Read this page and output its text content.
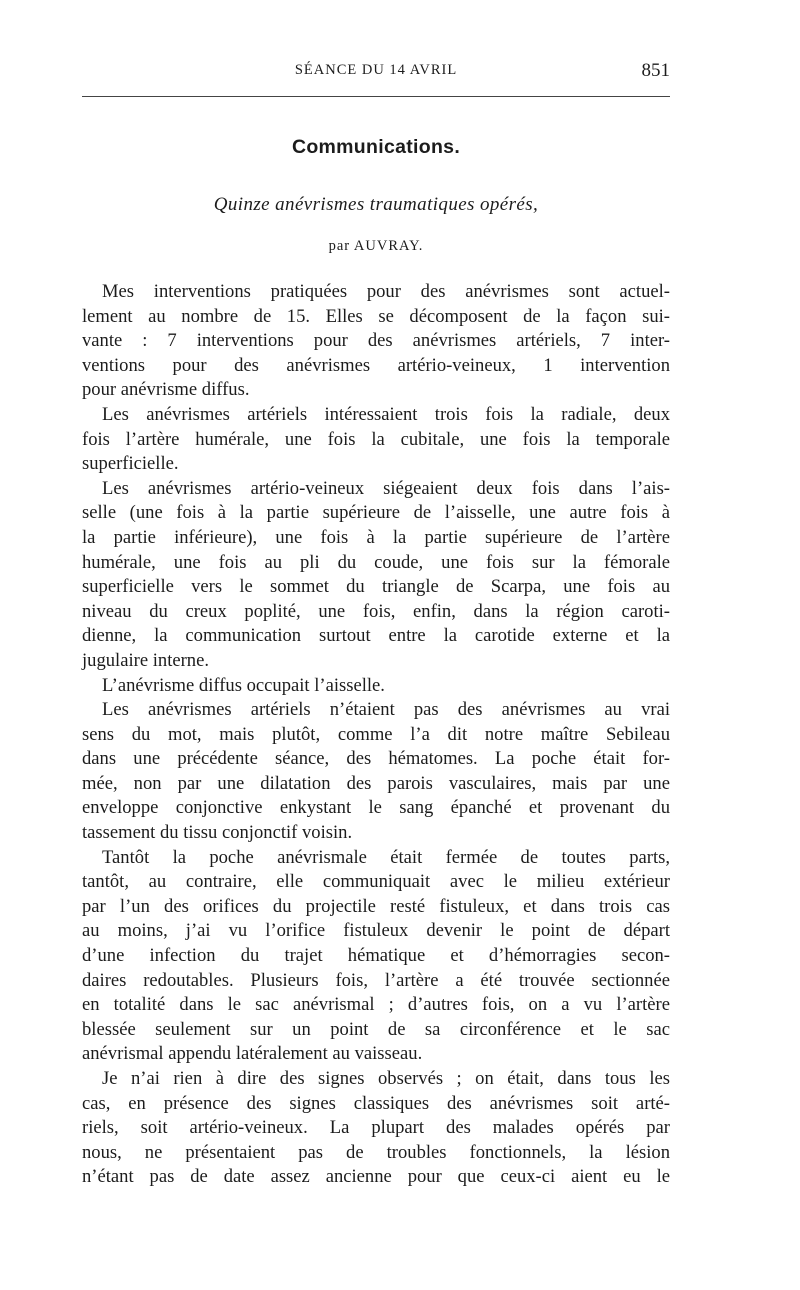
SÉANCE DU 14 AVRIL	851
Communications.
Quinze anévrismes traumatiques opérés,
par AUVRAY.
Mes interventions pratiquées pour des anévrismes sont actuel-
lement au nombre de 15. Elles se décomposent de la façon sui-
vante : 7 interventions pour des anévrismes artériels, 7 inter-
ventions pour des anévrismes artério-veineux, 1 intervention
pour anévrisme diffus.
Les anévrismes artériels intéressaient trois fois la radiale, deux
fois l’artère humérale, une fois la cubitale, une fois la temporale
superficielle.
Les anévrismes artério-veineux siégeaient deux fois dans l’ais-
selle (une fois à la partie supérieure de l’aisselle, une autre fois à
la partie inférieure), une fois à la partie supérieure de l’artère
humérale, une fois au pli du coude, une fois sur la fémorale
superficielle vers le sommet du triangle de Scarpa, une fois au
niveau du creux poplité, une fois, enfin, dans la région caroti-
dienne, la communication surtout entre la carotide externe et la
jugulaire interne.
L’anévrisme diffus occupait l’aisselle.
Les anévrismes artériels n’étaient pas des anévrismes au vrai
sens du mot, mais plutôt, comme l’a dit notre maître Sebileau
dans une précédente séance, des hématomes. La poche était for-
mée, non par une dilatation des parois vasculaires, mais par une
enveloppe conjonctive enkystant le sang épanché et provenant du
tassement du tissu conjonctif voisin.
Tantôt la poche anévrismale était fermée de toutes parts,
tantôt, au contraire, elle communiquait avec le milieu extérieur
par l’un des orifices du projectile resté fistuleux, et dans trois cas
au moins, j’ai vu l’orifice fistuleux devenir le point de départ
d’une infection du trajet hématique et d’hémorragies secon-
daires redoutables. Plusieurs fois, l’artère a été trouvée sectionnée
en totalité dans le sac anévrismal ; d’autres fois, on a vu l’artère
blessée seulement sur un point de sa circonférence et le sac
anévrismal appendu latéralement au vaisseau.
Je n’ai rien à dire des signes observés ; on était, dans tous les
cas, en présence des signes classiques des anévrismes soit arté-
riels, soit artério-veineux. La plupart des malades opérés par
nous, ne présentaient pas de troubles fonctionnels, la lésion
n’étant pas de date assez ancienne pour que ceux-ci aient eu le
